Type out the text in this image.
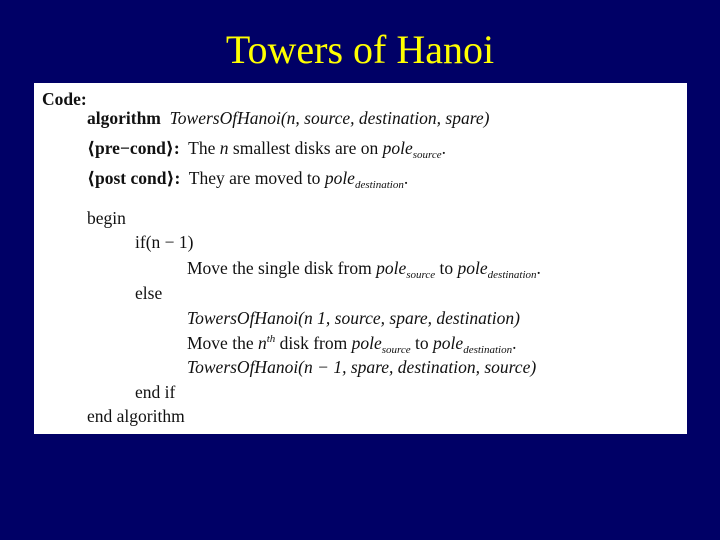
Towers of Hanoi
Code:
algorithm TowersOfHanoi(n, source, destination, spare)
⟨pre−cond⟩: The n smallest disks are on pole$_{source}$.
⟨post cond⟩: They are moved to pole$_{destination}$.
begin
if(n − 1)
Move the single disk from pole$_{source}$ to pole$_{destination}$.
else
TowersOfHanoi(n 1, source, spare, destination)
Move the $n^{th}$ disk from pole$_{source}$ to pole$_{destination}$.
TowersOfHanoi(n − 1, spare, destination, source)
end if
end algorithm
